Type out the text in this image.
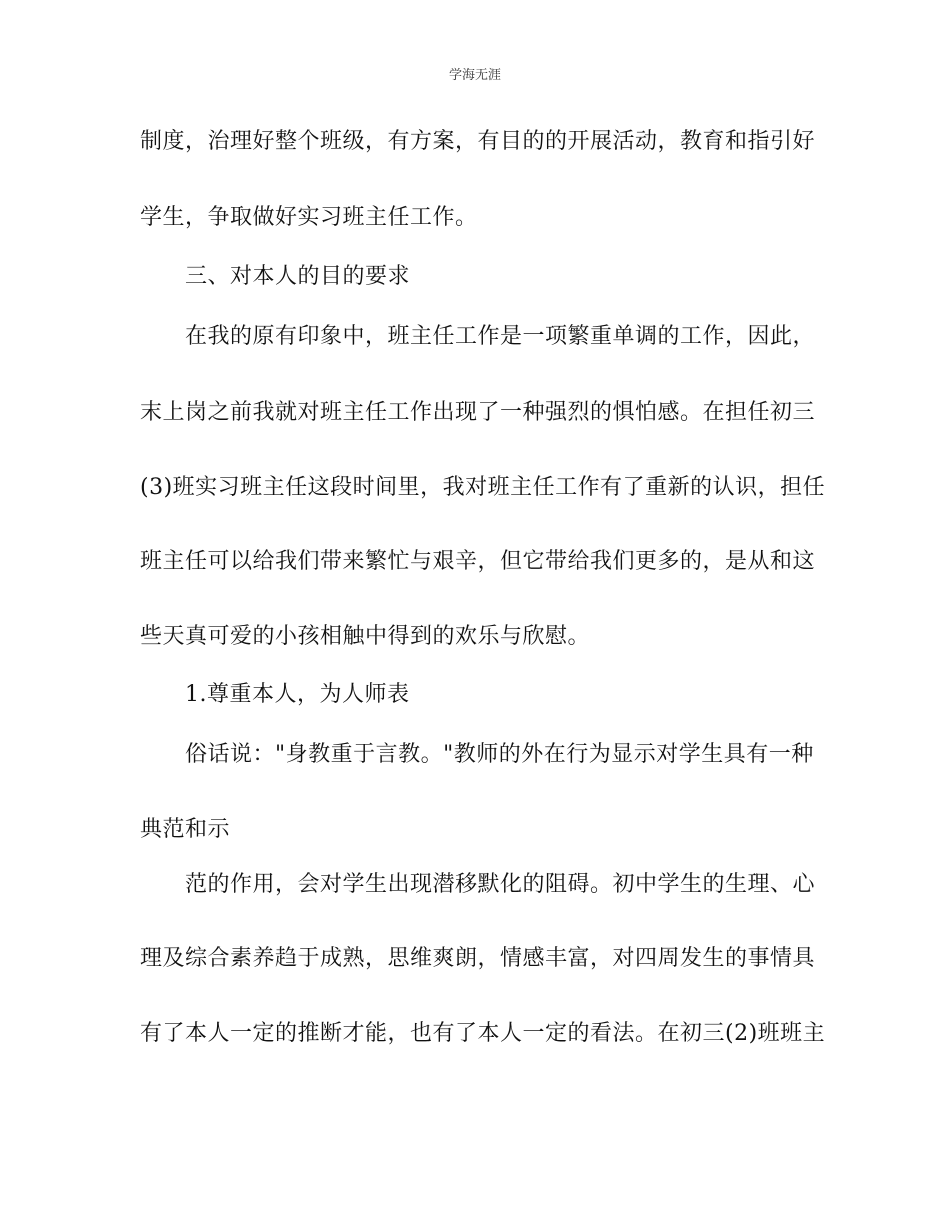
学海无涯
制度，治理好整个班级，有方案，有目的的开展活动，教育和指引好
学生，争取做好实习班主任工作。
三、对本人的目的要求
在我的原有印象中，班主任工作是一项繁重单调的工作，因此，
末上岗之前我就对班主任工作出现了一种强烈的惧怕感。在担任初三
(3)班实习班主任这段时间里，我对班主任工作有了重新的认识，担任
班主任可以给我们带来繁忙与艰辛，但它带给我们更多的，是从和这
些天真可爱的小孩相触中得到的欢乐与欣慰。
1.尊重本人，为人师表
俗话说："身教重于言教。"教师的外在行为显示对学生具有一种
典范和示
范的作用，会对学生出现潜移默化的阻碍。初中学生的生理、心
理及综合素养趋于成熟，思维爽朗，情感丰富，对四周发生的事情具
有了本人一定的推断才能，也有了本人一定的看法。在初三(2)班班主
